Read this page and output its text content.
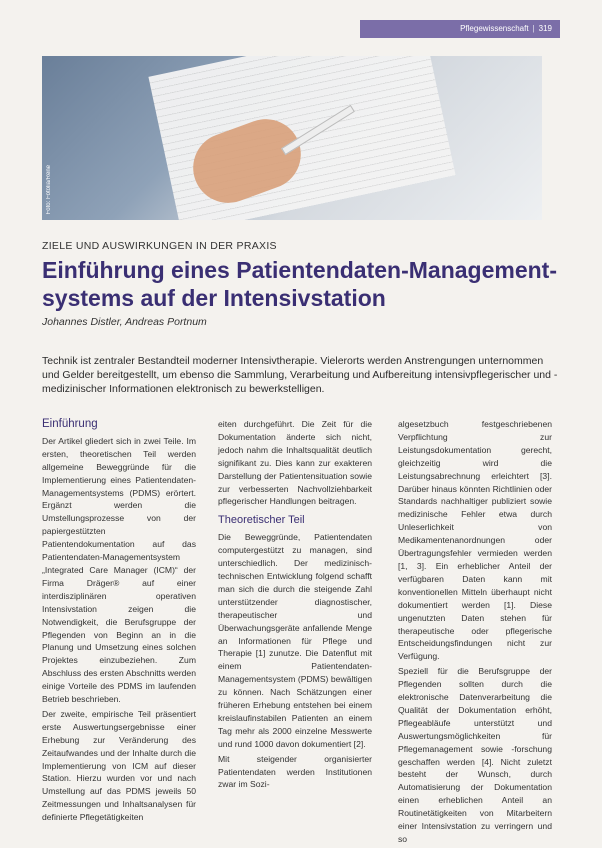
Pflegewissenschaft | 319
Foto: Fotolia/Rene
ZIELE UND AUSWIRKUNGEN IN DER PRAXIS
Einführung eines Patientendaten-Management-systems auf der Intensivstation
Johannes Distler, Andreas Portnum
Technik ist zentraler Bestandteil moderner Intensivtherapie. Vielerorts werden Anstrengungen unternommen und Gelder bereitgestellt, um ebenso die Sammlung, Verarbeitung und Aufbereitung intensivpflegerischer und -medizinischer Informationen elektronisch zu bewerkstelligen.
Einführung

Der Artikel gliedert sich in zwei Teile. Im ersten, theoretischen Teil werden allgemeine Beweggründe für die Implementierung eines Patientendaten-Managementsystems (PDMS) erörtert. Ergänzt werden die Umstellungsprozesse von der papiergestützten Patientendokumentation auf das Patientendaten-Managementsystem „Integrated Care Manager (ICM)“ der Firma Dräger® auf einer interdisziplinären operativen Intensivstation zeigen die Notwendigkeit, die Berufsgruppe der Pflegenden von Beginn an in die Planung und Umsetzung eines solchen Projektes einzubeziehen. Zum Abschluss des ersten Abschnitts werden einige Vorteile des PDMS im laufenden Betrieb beschrieben.

Der zweite, empirische Teil präsentiert erste Auswertungsergebnisse einer Erhebung zur Veränderung des Zeitaufwandes und der Inhalte durch die Implementierung von ICM auf dieser Station. Hierzu wurden vor und nach Umstellung auf das PDMS jeweils 50 Zeitmessungen und Inhaltsanalysen für definierte Pflegetätigkeiten

eiten durchgeführt. Die Zeit für die Dokumentation änderte sich nicht, jedoch nahm die Inhaltsqualität deutlich signifikant zu. Dies kann zur exakteren Darstellung der Patientensituation sowie zur verbesserten Nachvollziehbarkeit pflegerischer Handlungen beitragen.

Theoretischer Teil

Die Beweggründe, Patientendaten computergestützt zu managen, sind unterschiedlich. Der medizinisch-technischen Entwicklung folgend schafft man sich die durch die steigende Zahl unterstützender diagnostischer, therapeutischer und Überwachungsgeräte anfallende Menge an Informationen für Pflege und Therapie [1] zunutze. Die Datenflut mit einem Patientendaten-Managementsystem (PDMS) bewältigen zu können. Nach Schätzungen einer früheren Erhebung entstehen bei einem kreislaufinstabilen Patienten an einem Tag mehr als 2000 einzelne Messwerte und rund 1000 davon dokumentiert [2].

Mit steigender organisierter Patientendaten werden Institutionen zwar im Sozi-

algesetzbuch festgeschriebenen Verpflichtung zur Leistungsdokumentation gerecht, gleichzeitig wird die Leistungsabrechnung erleichtert [3]. Darüber hinaus könnten Richtlinien oder Standards nachhaltiger publiziert sowie medizinische Fehler etwa durch Unleserlichkeit von Medikamentenanordnungen oder Übertragungsfehler vermieden werden [1, 3]. Ein erheblicher Anteil der verfügbaren Daten kann mit konventionellen Mitteln überhaupt nicht dokumentiert werden [1]. Diese ungenutzten Daten stehen für therapeutische oder pflegerische Entscheidungsfindungen nicht zur Verfügung.

Speziell für die Berufsgruppe der Pflegenden sollten durch die elektronische Datenverarbeitung die Qualität der Dokumentation erhöht, Pflegeabläufe unterstützt und Auswertungsmöglichkeiten für Pflegemanagement sowie -forschung geschaffen werden [4]. Nicht zuletzt besteht der Wunsch, durch Automatisierung der Dokumentation einen erheblichen Anteil an Routinetätigkeiten von Mitarbeitern einer Intensivstation zu verringern und so
